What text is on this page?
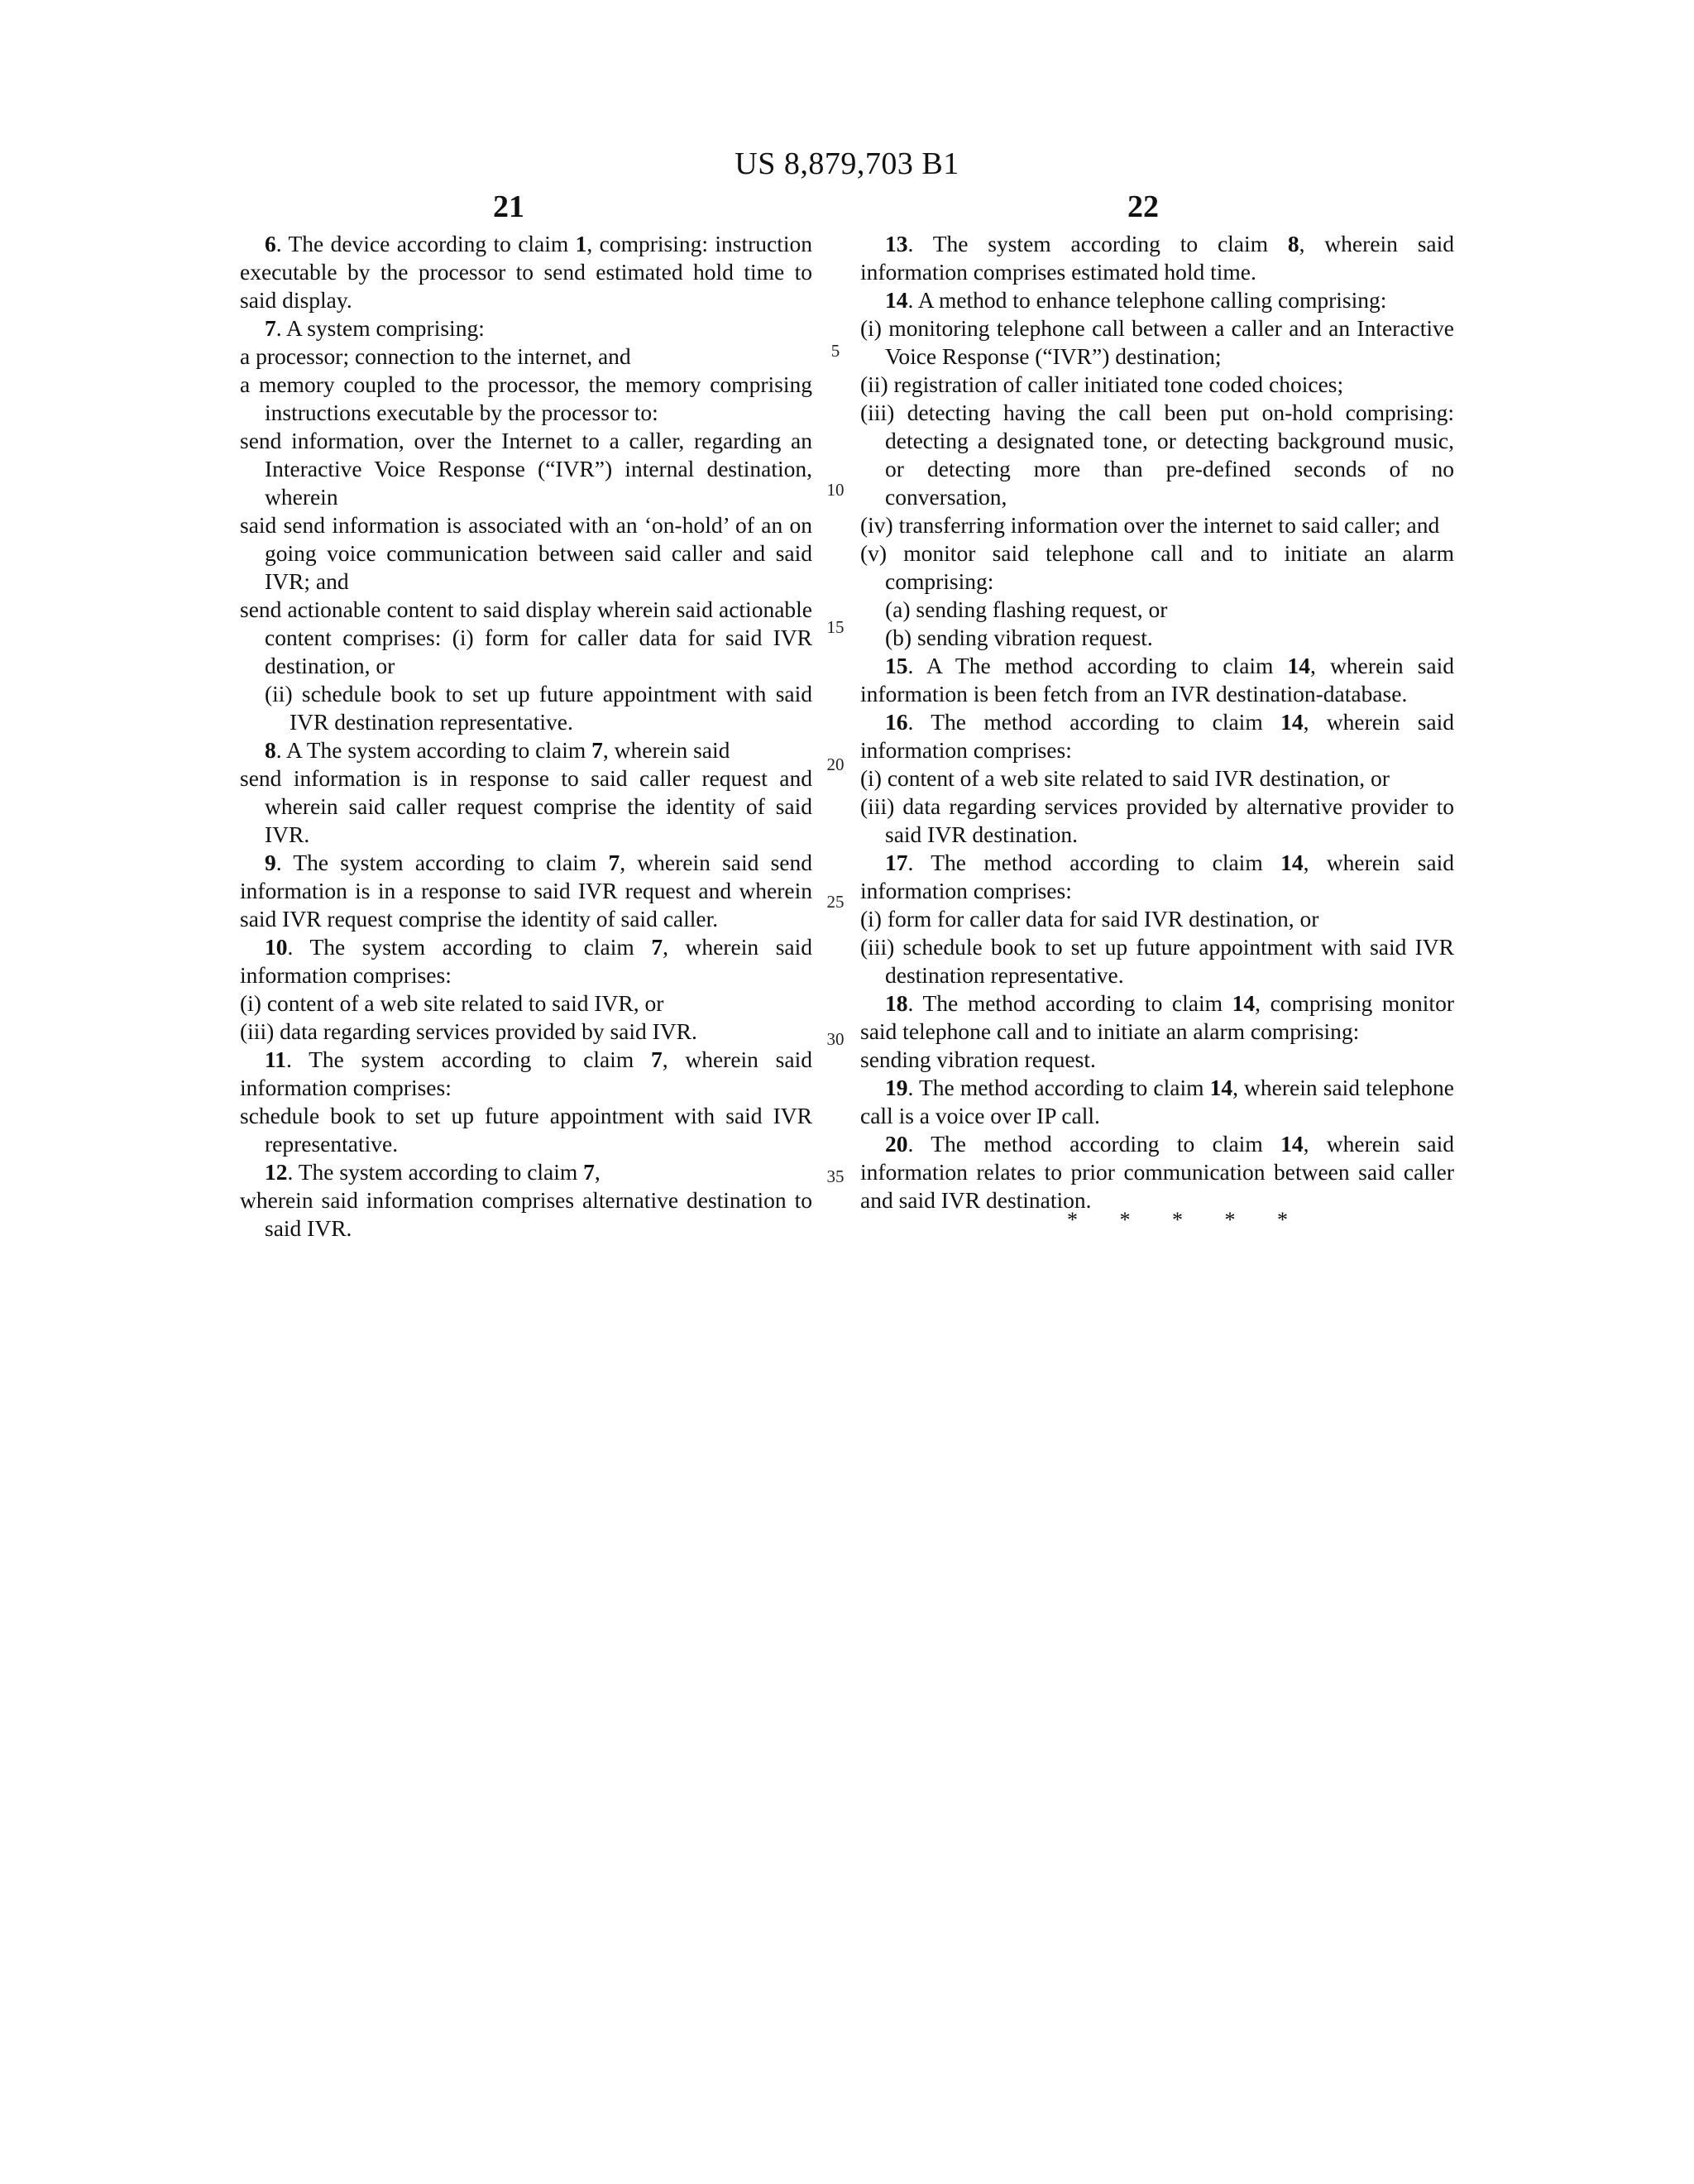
US 8,879,703 B1
21	22

6. The device according to claim 1, comprising: instruction executable by the processor to send estimated hold time to said display.

7. A system comprising:

a processor; connection to the internet, and

a memory coupled to the processor, the memory comprising instructions executable by the processor to:

send information, over the Internet to a caller, regarding an Interactive Voice Response (“IVR”) internal destination, wherein

said send information is associated with an ‘on-hold’ of an on going voice communication between said caller and said IVR; and

send actionable content to said display wherein said actionable content comprises: (i) form for caller data for said IVR destination, or

(ii) schedule book to set up future appointment with said IVR destination representative.

8. A The system according to claim 7, wherein said

send information is in response to said caller request and wherein said caller request comprise the identity of said IVR.

9. The system according to claim 7, wherein said send information is in a response to said IVR request and wherein said IVR request comprise the identity of said caller.

10. The system according to claim 7, wherein said information comprises:

(i) content of a web site related to said IVR, or

(iii) data regarding services provided by said IVR.

11. The system according to claim 7, wherein said information comprises:

schedule book to set up future appointment with said IVR representative.

12. The system according to claim 7,

wherein said information comprises alternative destination to said IVR.

5
10
15
20
25
30
35

13. The system according to claim 8, wherein said information comprises estimated hold time.

14. A method to enhance telephone calling comprising:

(i) monitoring telephone call between a caller and an Interactive Voice Response (“IVR”) destination;

(ii) registration of caller initiated tone coded choices;

(iii) detecting having the call been put on-hold comprising: detecting a designated tone, or detecting background music, or detecting more than pre-defined seconds of no conversation,

(iv) transferring information over the internet to said caller; and

(v) monitor said telephone call and to initiate an alarm comprising:

(a) sending flashing request, or

(b) sending vibration request.

15. A The method according to claim 14, wherein said information is been fetch from an IVR destination-database.

16. The method according to claim 14, wherein said information comprises:

(i) content of a web site related to said IVR destination, or

(iii) data regarding services provided by alternative provider to said IVR destination.

17. The method according to claim 14, wherein said information comprises:

(i) form for caller data for said IVR destination, or

(iii) schedule book to set up future appointment with said IVR destination representative.

18. The method according to claim 14, comprising monitor said telephone call and to initiate an alarm comprising:

sending vibration request.

19. The method according to claim 14, wherein said telephone call is a voice over IP call.

20. The method according to claim 14, wherein said information relates to prior communication between said caller and said IVR destination.

* * * * *
